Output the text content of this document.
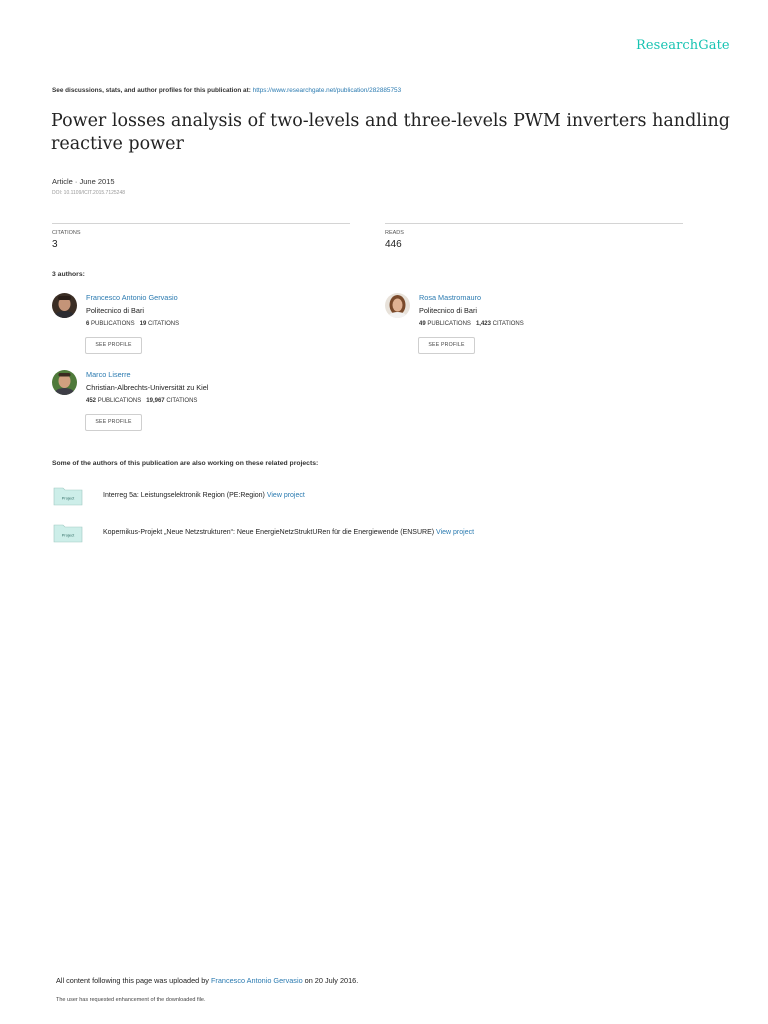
ResearchGate
See discussions, stats, and author profiles for this publication at: https://www.researchgate.net/publication/282885753
Power losses analysis of two-levels and three-levels PWM inverters handling reactive power
Article · June 2015
DOI: 10.1109/ICIT.2015.7125248
CITATIONS
3
READS
446
3 authors:
Francesco Antonio Gervasio
Politecnico di Bari
6 PUBLICATIONS 19 CITATIONS
SEE PROFILE
Rosa Mastromauro
Politecnico di Bari
49 PUBLICATIONS 1,423 CITATIONS
SEE PROFILE
Marco Liserre
Christian-Albrechts-Universität zu Kiel
452 PUBLICATIONS 19,967 CITATIONS
SEE PROFILE
Some of the authors of this publication are also working on these related projects:
Project	Interreg 5a: Leistungselektronik Region (PE:Region) View project
Project	Kopernikus-Projekt „Neue Netzstrukturen“: Neue EnergieNetzStruktURen für die Energiewende (ENSURE) View project
All content following this page was uploaded by Francesco Antonio Gervasio on 20 July 2016.
The user has requested enhancement of the downloaded file.
